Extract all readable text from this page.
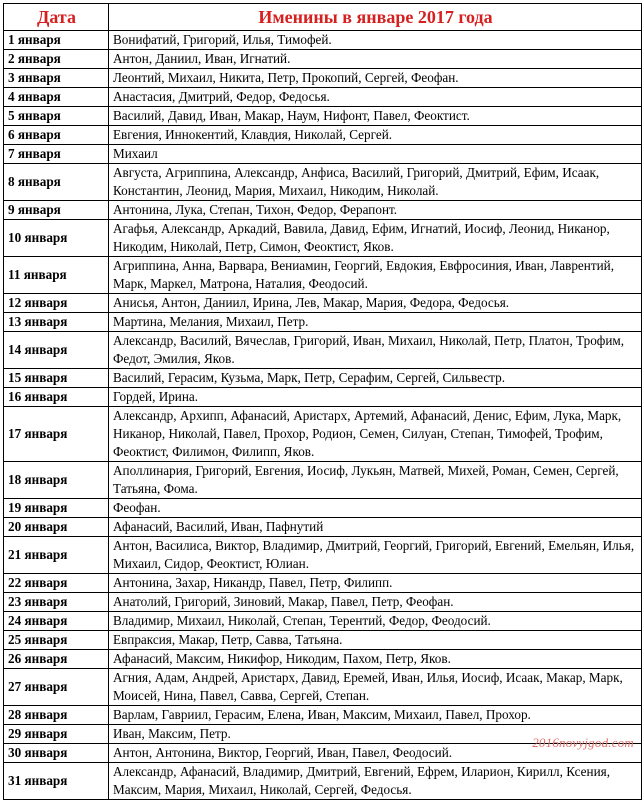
Дата	Именины в январе 2017 года
1 января	Вонифатий, Григорий, Илья, Тимофей.
2 января	Антон, Даниил, Иван, Игнатий.
3 января	Леонтий, Михаил, Никита, Петр, Прокопий, Сергей, Феофан.
4 января	Анастасия, Дмитрий, Федор, Федосья.
5 января	Василий, Давид, Иван, Макар, Наум, Нифонт, Павел, Феоктист.
6 января	Евгения, Иннокентий, Клавдия, Николай, Сергей.
7 января	Михаил
8 января	Августа, Агриппина, Александр, Анфиса, Василий, Григорий, Дмитрий, Ефим, Исаак, Константин, Леонид, Мария, Михаил, Никодим, Николай.
9 января	Антонина, Лука, Степан, Тихон, Федор, Ферапонт.
10 января	Агафья, Александр, Аркадий, Вавила, Давид, Ефим, Игнатий, Иосиф, Леонид, Никанор, Никодим, Николай, Петр, Симон, Феоктист, Яков.
11 января	Агриппина, Анна, Варвара, Вениамин, Георгий, Евдокия, Евфросиния, Иван, Лаврентий, Марк, Маркел, Матрона, Наталия, Феодосий.
12 января	Анисья, Антон, Даниил, Ирина, Лев, Макар, Мария, Федора, Федосья.
13 января	Мартина, Мелания, Михаил, Петр.
14 января	Александр, Василий, Вячеслав, Григорий, Иван, Михаил, Николай, Петр, Платон, Трофим, Федот, Эмилия, Яков.
15 января	Василий, Герасим, Кузьма, Марк, Петр, Серафим, Сергей, Сильвестр.
16 января	Гордей, Ирина.
17 января	Александр, Архипп, Афанасий, Аристарх, Артемий, Афанасий, Денис, Ефим, Лука, Марк, Никанор, Николай, Павел, Прохор, Родион, Семен, Силуан, Степан, Тимофей, Трофим, Феоктист, Филимон, Филипп, Яков.
18 января	Аполлинария, Григорий, Евгения, Иосиф, Лукьян, Матвей, Михей, Роман, Семен, Сергей, Татьяна, Фома.
19 января	Феофан.
20 января	Афанасий, Василий, Иван, Пафнутий
21 января	Антон, Василиса, Виктор, Владимир, Дмитрий, Георгий, Григорий, Евгений, Емельян, Илья, Михаил, Сидор, Феоктист, Юлиан.
22 января	Антонина, Захар, Никандр, Павел, Петр, Филипп.
23 января	Анатолий, Григорий, Зиновий, Макар, Павел, Петр, Феофан.
24 января	Владимир, Михаил, Николай, Степан, Терентий, Федор, Феодосий.
25 января	Евпраксия, Макар, Петр, Савва, Татьяна.
26 января	Афанасий, Максим, Никифор, Никодим, Пахом, Петр, Яков.
27 января	Агния, Адам, Андрей, Аристарх, Давид, Еремей, Иван, Илья, Иосиф, Исаак, Макар, Марк, Моисей, Нина, Павел, Савва, Сергей, Степан.
28 января	Варлам, Гавриил, Герасим, Елена, Иван, Максим, Михаил, Павел, Прохор.
29 января	Иван, Максим, Петр.
30 января	Антон, Антонина, Виктор, Георгий, Иван, Павел, Феодосий.
31 января	Александр, Афанасий, Владимир, Дмитрий, Евгений, Ефрем, Иларион, Кирилл, Ксения, Максим, Мария, Михаил, Николай, Сергей, Федосья.
2016novyjgod.com
